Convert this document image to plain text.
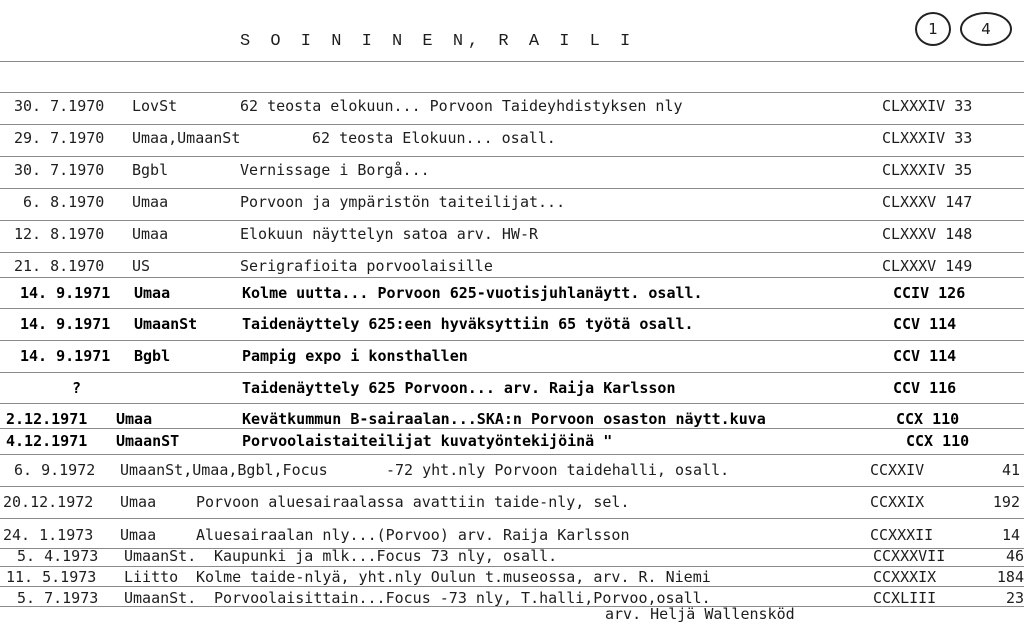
S O I N I N E N, R A I L I
1	4
30. 7.1970 LovSt	62 teosta elokuun... Porvoon Taideyhdistyksen nly	CLXXXIV 33
29. 7.1970 Umaa,UmaanSt	62 teosta Elokuun... osall.	CLXXXIV 33
30. 7.1970 Bgbl	Vernissage i Borgå...	CLXXXIV 35
6. 8.1970 Umaa	Porvoon ja ympäristön taiteilijat...	CLXXXV 147
12. 8.1970 Umaa	Elokuun näyttelyn satoa arv. HW-R	CLXXXV 148
21. 8.1970 US	Serigrafioita porvoolaisille	CLXXXV 149
14. 9.1971 Umaa	Kolme uutta... Porvoon 625-vuotisjuhlanäytt. osall.	CCIV 126
14. 9.1971 UmaanSt	Taidenäyttely 625:een hyväksyttiin 65 työtä osall.	CCV 114
14. 9.1971 Bgbl	Pampig expo i konsthallen	CCV 114
?	Taidenäyttely 625 Porvoon... arv. Raija Karlsson	CCV 116
2.12.1971 Umaa	Kevätkummun B-sairaalan...SKA:n Porvoon osaston näytt.kuva	CCX 110
4.12.1971 UmaanST	Porvoolaistaiteilijat kuvatyöntekijöinä "	CCX 110
6. 9.1972 UmaanSt,Umaa,Bgbl,Focus	-72 yht.nly Porvoon taidehalli, osall.	CCXXIV	41
20.12.1972 Umaa	Porvoon aluesairaalassa avattiin taide-nly, sel.	CCXXIX	192
24. 1.1973 Umaa	Aluesairaalan nly...(Porvoo) arv. Raija Karlsson	CCXXXII	14
5. 4.1973 UmaanSt. Kaupunki ja mlk...Focus 73 nly, osall.	CCXXXVII	46
11. 5.1973 Liitto Kolme taide-nlyä, yht.nly Oulun t.museossa, arv. R. Niemi	CCXXXIX	184
5. 7.1973 UmaanSt. Porvoolaisittain...Focus -73 nly, T.halli,Porvoo,osall.	CCXLIII	23
arv. Heljä Wallensköd
